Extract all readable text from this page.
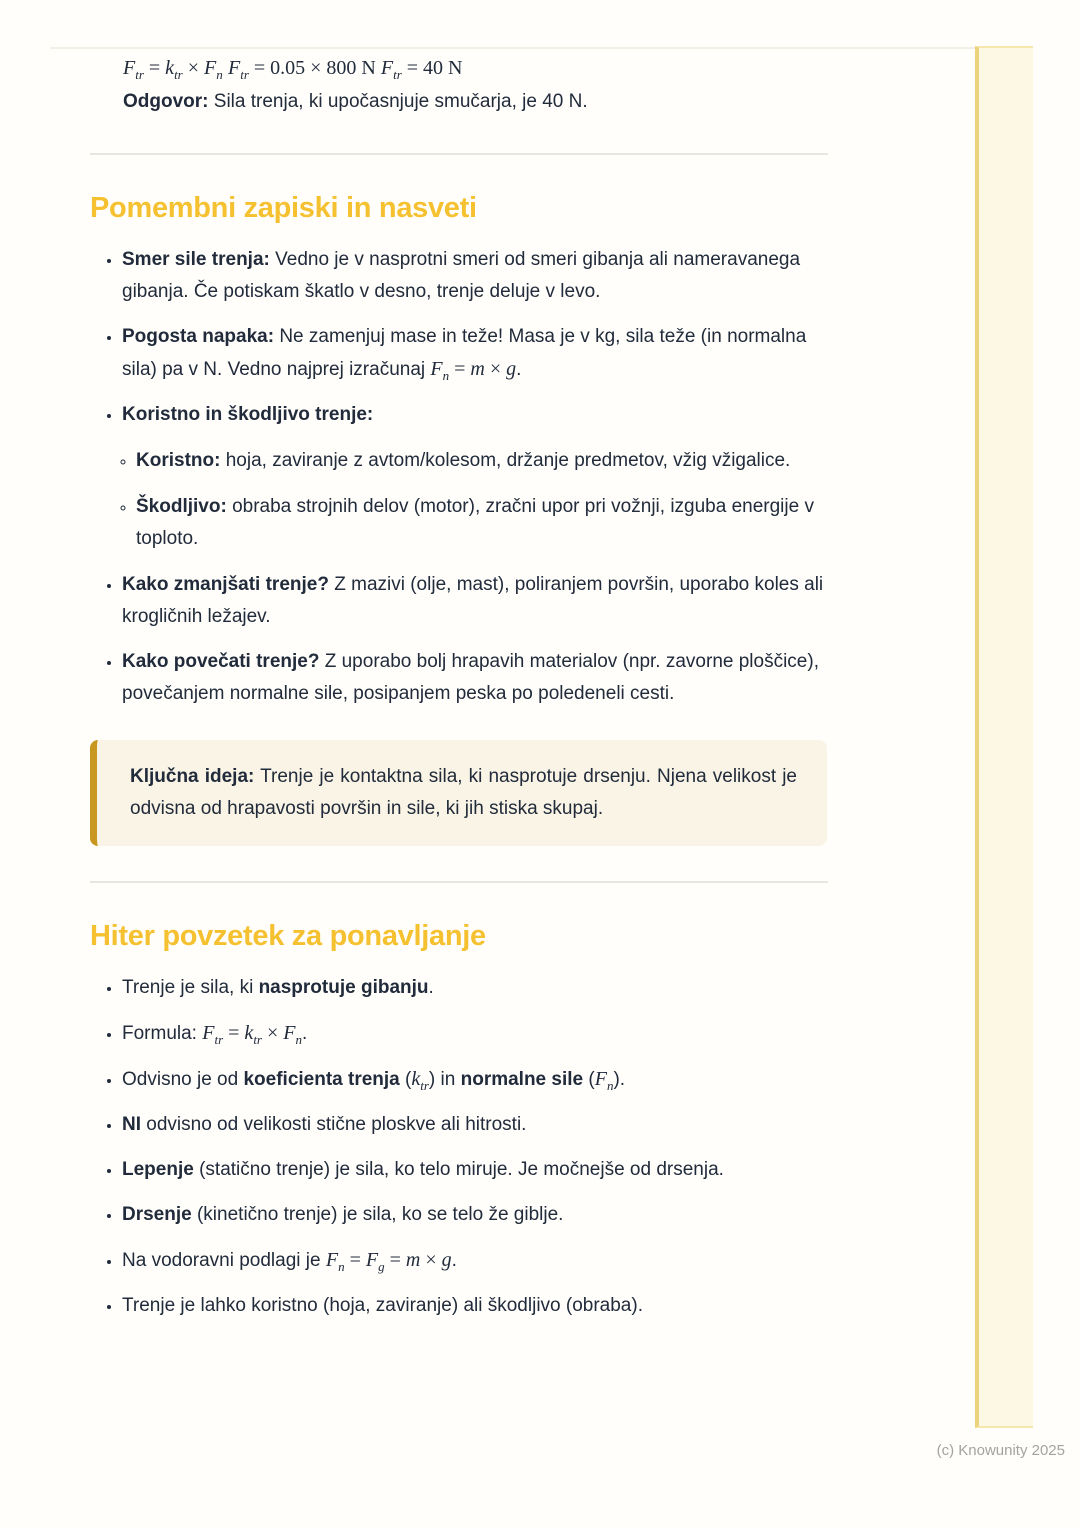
$F_{tr} = k_{tr} \times F_n$ $F_{tr} = 0.05 \times 800$ N $F_{tr} = 40$ N

Odgovor: Sila trenja, ki upočasnjuje smučarja, je 40 N.

Pomembni zapiski in nasveti
• Smer sile trenja: Vedno je v nasprotni smeri od smeri gibanja ali nameravanega gibanja. Če potiskam škatlo v desno, trenje deluje v levo.
• Pogosta napaka: Ne zamenjuj mase in teže! Masa je v kg, sila teže (in normalna sila) pa v N. Vedno najprej izračunaj $F_n = m \times g$.
• Koristno in škodljivo trenje:
◦ Koristno: hoja, zaviranje z avtom/kolesom, držanje predmetov, vžig vžigalice.
◦ Škodljivo: obraba strojnih delov (motor), zračni upor pri vožnji, izguba energije v toploto.
• Kako zmanjšati trenje? Z mazivi (olje, mast), poliranjem površin, uporabo koles ali krogličnih ležajev.
• Kako povečati trenje? Z uporabo bolj hrapavih materialov (npr. zavorne ploščice), povečanjem normalne sile, posipanjem peska po poledeneli cesti.

Ključna ideja: Trenje je kontaktna sila, ki nasprotuje drsenju. Njena velikost je odvisna od hrapavosti površin in sile, ki jih stiska skupaj.

Hiter povzetek za ponavljanje
• Trenje je sila, ki nasprotuje gibanju.
• Formula: $F_{tr} = k_{tr} \times F_n$.
• Odvisno je od koeficienta trenja $(k_{tr})$ in normalne sile $(F_n)$.
• NI odvisno od velikosti stične ploskve ali hitrosti.
• Lepenje (statično trenje) je sila, ko telo miruje. Je močnejše od drsenja.
• Drsenje (kinetično trenje) je sila, ko se telo že giblje.
• Na vodoravni podlagi je $F_n = F_g = m \times g$.
• Trenje je lahko koristno (hoja, zaviranje) ali škodljivo (obraba).
(c) Knowunity 2025
